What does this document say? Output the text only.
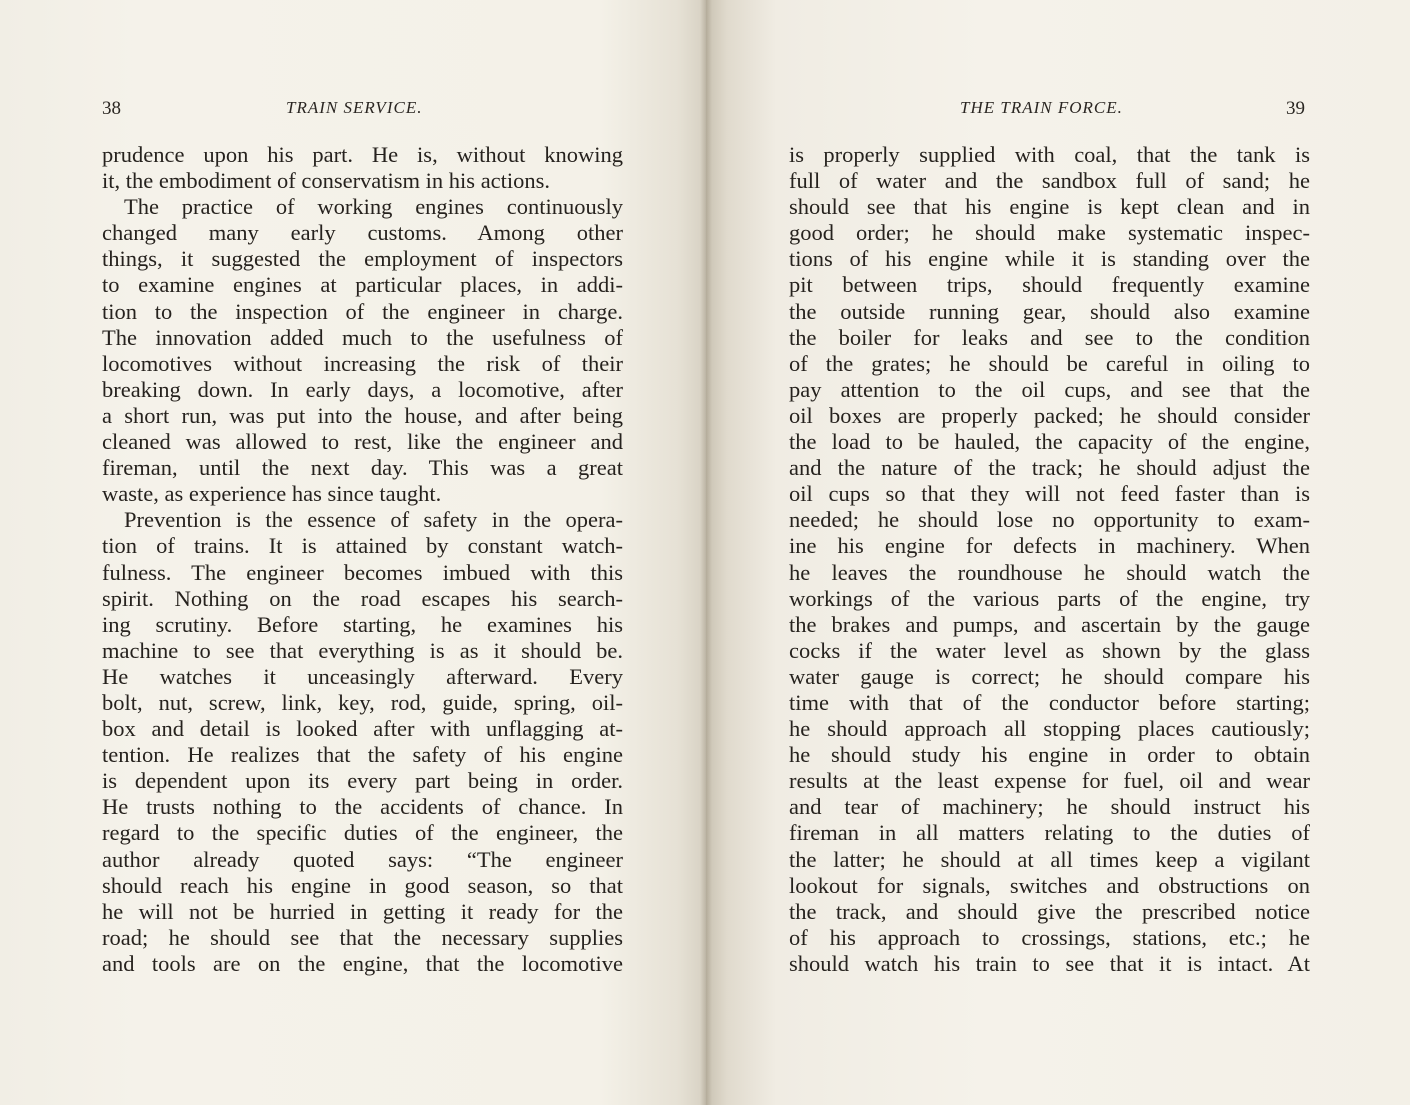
38	TRAIN SERVICE.
prudence upon his part. He is, without knowing
it, the embodiment of conservatism in his actions.
The practice of working engines continuously
changed many early customs. Among other
things, it suggested the employment of inspectors
to examine engines at particular places, in addi-
tion to the inspection of the engineer in charge.
The innovation added much to the usefulness of
locomotives without increasing the risk of their
breaking down. In early days, a locomotive, after
a short run, was put into the house, and after being
cleaned was allowed to rest, like the engineer and
fireman, until the next day. This was a great
waste, as experience has since taught.
Prevention is the essence of safety in the opera-
tion of trains. It is attained by constant watch-
fulness. The engineer becomes imbued with this
spirit. Nothing on the road escapes his search-
ing scrutiny. Before starting, he examines his
machine to see that everything is as it should be.
He watches it unceasingly afterward. Every
bolt, nut, screw, link, key, rod, guide, spring, oil-
box and detail is looked after with unflagging at-
tention. He realizes that the safety of his engine
is dependent upon its every part being in order.
He trusts nothing to the accidents of chance. In
regard to the specific duties of the engineer, the
author already quoted says: “The engineer
should reach his engine in good season, so that
he will not be hurried in getting it ready for the
road; he should see that the necessary supplies
and tools are on the engine, that the locomotive
THE TRAIN FORCE.	39
is properly supplied with coal, that the tank is
full of water and the sandbox full of sand; he
should see that his engine is kept clean and in
good order; he should make systematic inspec-
tions of his engine while it is standing over the
pit between trips, should frequently examine
the outside running gear, should also examine
the boiler for leaks and see to the condition
of the grates; he should be careful in oiling to
pay attention to the oil cups, and see that the
oil boxes are properly packed; he should consider
the load to be hauled, the capacity of the engine,
and the nature of the track; he should adjust the
oil cups so that they will not feed faster than is
needed; he should lose no opportunity to exam-
ine his engine for defects in machinery. When
he leaves the roundhouse he should watch the
workings of the various parts of the engine, try
the brakes and pumps, and ascertain by the gauge
cocks if the water level as shown by the glass
water gauge is correct; he should compare his
time with that of the conductor before starting;
he should approach all stopping places cautiously;
he should study his engine in order to obtain
results at the least expense for fuel, oil and wear
and tear of machinery; he should instruct his
fireman in all matters relating to the duties of
the latter; he should at all times keep a vigilant
lookout for signals, switches and obstructions on
the track, and should give the prescribed notice
of his approach to crossings, stations, etc.; he
should watch his train to see that it is intact. At
